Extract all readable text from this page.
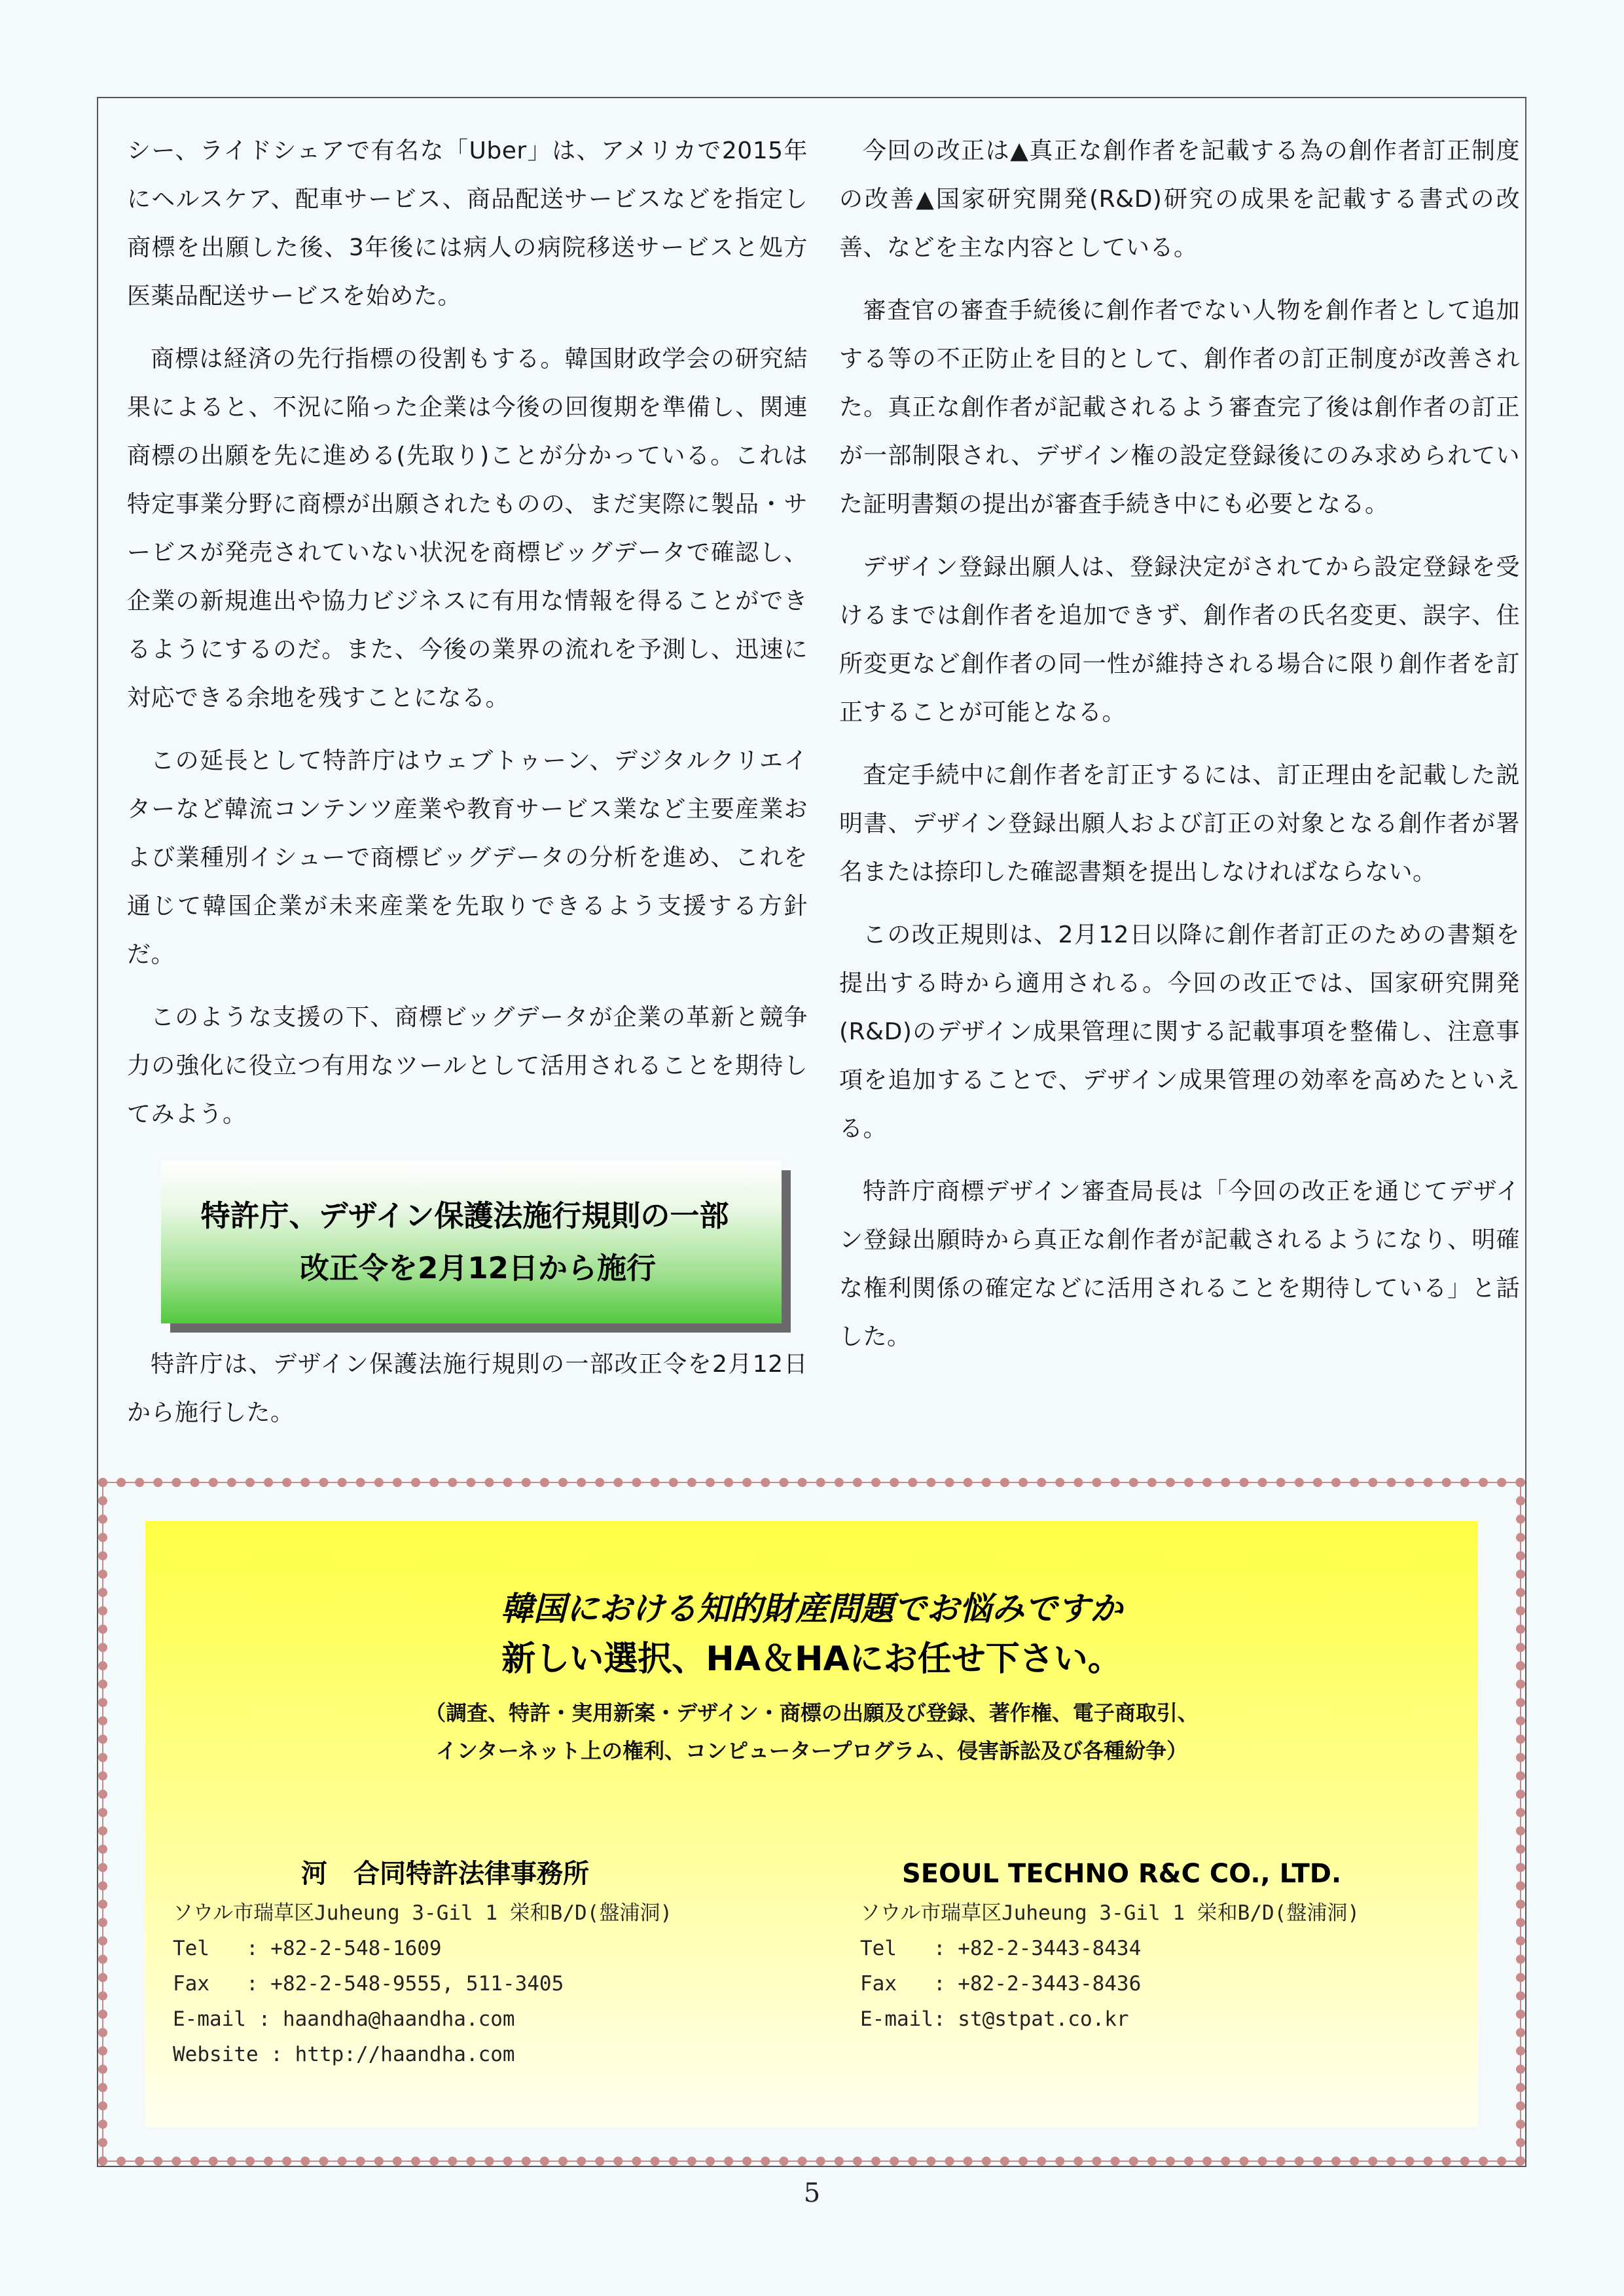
シー、ライドシェアで有名な「Uber」は、アメリカで2015年にヘルスケア、配車サービス、商品配送サービスなどを指定し商標を出願した後、3年後には病人の病院移送サービスと処方医薬品配送サービスを始めた。

商標は経済の先行指標の役割もする。韓国財政学会の研究結果によると、不況に陥った企業は今後の回復期を準備し、関連商標の出願を先に進める(先取り)ことが分かっている。これは特定事業分野に商標が出願されたものの、まだ実際に製品・サービスが発売されていない状況を商標ビッグデータで確認し、企業の新規進出や協力ビジネスに有用な情報を得ることができるようにするのだ。また、今後の業界の流れを予測し、迅速に対応できる余地を残すことになる。

この延長として特許庁はウェブトゥーン、デジタルクリエイターなど韓流コンテンツ産業や教育サービス業など主要産業および業種別イシューで商標ビッグデータの分析を進め、これを通じて韓国企業が未来産業を先取りできるよう支援する方針だ。

このような支援の下、商標ビッグデータが企業の革新と競争力の強化に役立つ有用なツールとして活用されることを期待してみよう。

特許庁、デザイン保護法施行規則の一部
改正令を2月12日から施行

特許庁は、デザイン保護法施行規則の一部改正令を2月12日から施行した。

今回の改正は▲真正な創作者を記載する為の創作者訂正制度の改善▲国家研究開発(R&D)研究の成果を記載する書式の改善、などを主な内容としている。

審査官の審査手続後に創作者でない人物を創作者として追加する等の不正防止を目的として、創作者の訂正制度が改善された。真正な創作者が記載されるよう審査完了後は創作者の訂正が一部制限され、デザイン権の設定登録後にのみ求められていた証明書類の提出が審査手続き中にも必要となる。

デザイン登録出願人は、登録決定がされてから設定登録を受けるまでは創作者を追加できず、創作者の氏名変更、誤字、住所変更など創作者の同一性が維持される場合に限り創作者を訂正することが可能となる。

査定手続中に創作者を訂正するには、訂正理由を記載した説明書、デザイン登録出願人および訂正の対象となる創作者が署名または捺印した確認書類を提出しなければならない。

この改正規則は、2月12日以降に創作者訂正のための書類を提出する時から適用される。今回の改正では、国家研究開発(R&D)のデザイン成果管理に関する記載事項を整備し、注意事項を追加することで、デザイン成果管理の効率を高めたといえる。

特許庁商標デザイン審査局長は「今回の改正を通じてデザイン登録出願時から真正な創作者が記載されるようになり、明確な権利関係の確定などに活用されることを期待している」と話した。

韓国における知的財産問題でお悩みですか
新しい選択、HA＆HAにお任せ下さい。
（調査、特許・実用新案・デザイン・商標の出願及び登録、著作権、電子商取引、
インターネット上の権利、コンピュータープログラム、侵害訴訟及び各種紛争）
河　合同特許法律事務所
ソウル市瑞草区Juheung 3-Gil 1 栄和B/D(盤浦洞)
Tel   : +82-2-548-1609
Fax   : +82-2-548-9555, 511-3405
E-mail : haandha@haandha.com
Website : http://haandha.com
SEOUL TECHNO R&C CO., LTD.
ソウル市瑞草区Juheung 3-Gil 1 栄和B/D(盤浦洞)
Tel   : +82-2-3443-8434
Fax   : +82-2-3443-8436
E-mail: st@stpat.co.kr
5
